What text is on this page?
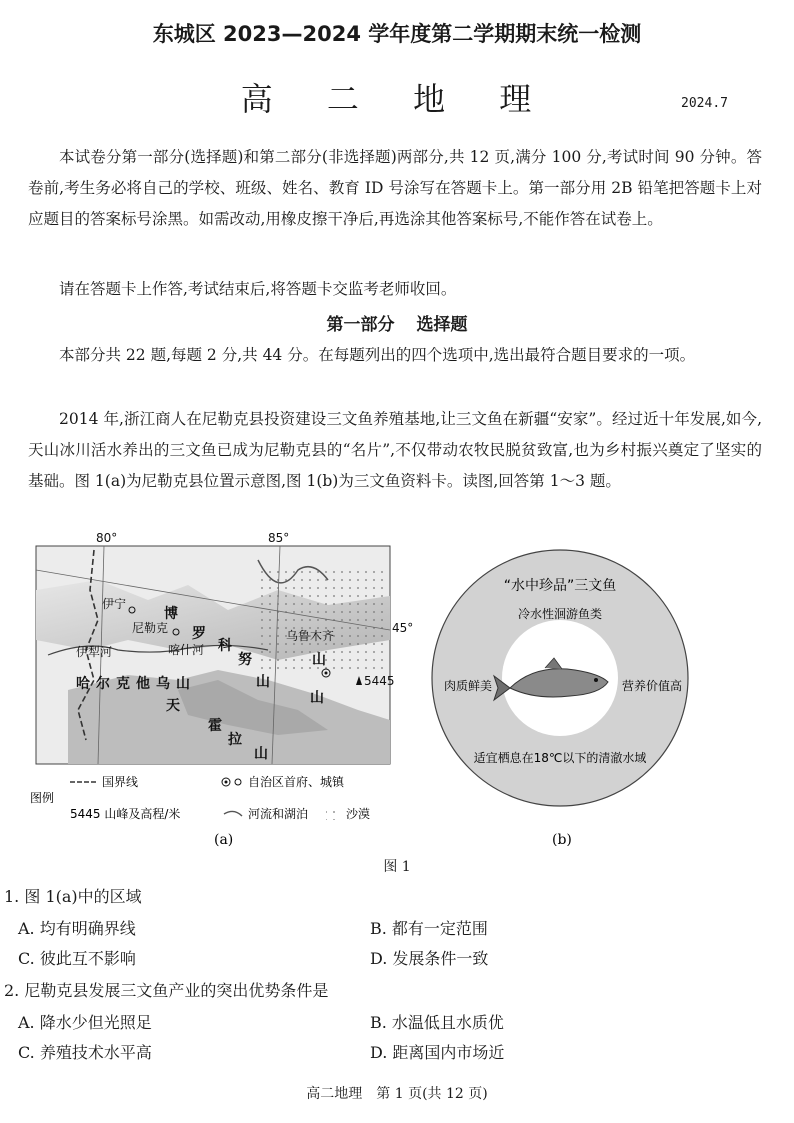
东城区 2023—2024 学年度第二学期期末统一检测
高 二 地 理	2024.7

本试卷分第一部分(选择题)和第二部分(非选择题)两部分,共 12 页,满分 100 分,考试时间 90 分钟。答卷前,考生务必将自己的学校、班级、姓名、教育 ID 号涂写在答题卡上。第一部分用 2B 铅笔把答题卡上对应题目的答案标号涂黑。如需改动,用橡皮擦干净后,再选涂其他答案标号,不能作答在试卷上。

请在答题卡上作答,考试结束后,将答题卡交监考老师收回。

第一部分 选择题

本部分共 22 题,每题 2 分,共 44 分。在每题列出的四个选项中,选出最符合题目要求的一项。

2014 年,浙江商人在尼勒克县投资建设三文鱼养殖基地,让三文鱼在新疆“安家”。经过近十年发展,如今,天山冰川活水养出的三文鱼已成为尼勒克县的“名片”,不仅带动农牧民脱贫致富,也为乡村振兴奠定了坚实的基础。图 1(a)为尼勒克县位置示意图,图 1(b)为三文鱼资料卡。读图,回答第 1～3 题。

80°	85°
45°
伊宁
尼勒克
乌鲁木齐
5445
博
罗
科
努
山
山
山
哈尔克他乌山
天
霍
拉
山
伊犁河	喀什河
图例
国界线	自治区首府、城镇
5445 山峰及高程/米	河流和湖泊	沙漠
(a)
“水中珍品”三文鱼
冷水性洄游鱼类
肉质鲜美	营养价值高
适宜栖息在18℃以下的清澈水域
(b)
图 1
1. 图 1(a)中的区域
A. 均有明确界线	B. 都有一定范围
C. 彼此互不影响	D. 发展条件一致
2. 尼勒克县发展三文鱼产业的突出优势条件是
A. 降水少但光照足	B. 水温低且水质优
C. 养殖技术水平高	D. 距离国内市场近
高二地理　第 1 页(共 12 页)
